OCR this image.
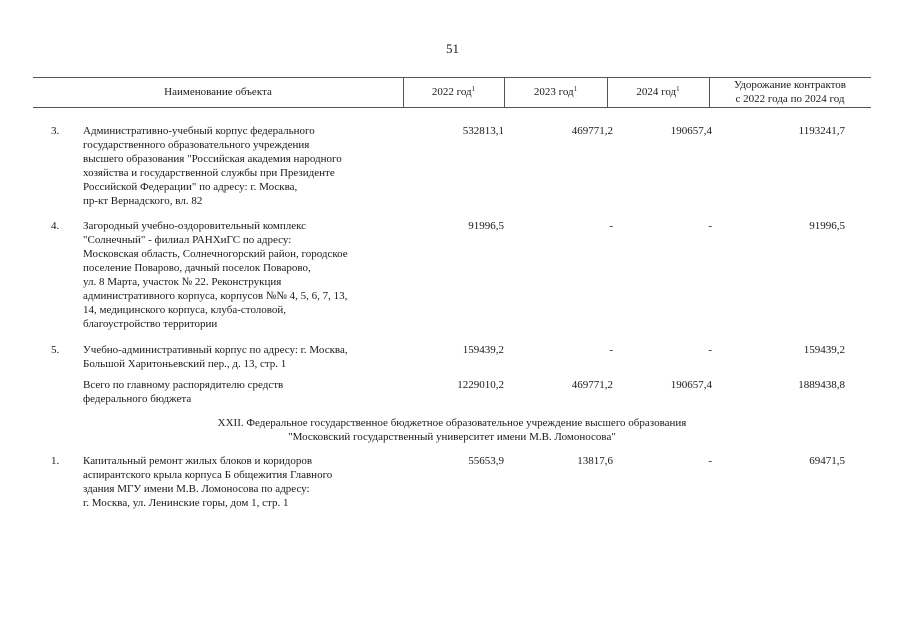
51
Наименование объекта	2022 год$^1$	2023 год$^1$	2024 год$^1$	Удорожание контрактов
с 2022 года по 2024 год
3. Административно-учебный корпус федерального
государственного образовательного учреждения
высшего образования "Российская академия народного
хозяйства и государственной службы при Президенте
Российской Федерации" по адресу: г. Москва,
пр-кт Вернадского, вл. 82
532813,1	469771,2	190657,4	1193241,7
4. Загородный учебно-оздоровительный комплекс
"Солнечный" - филиал РАНХиГС по адресу:
Московская область, Солнечногорский район, городское
поселение Поварово, дачный поселок Поварово,
ул. 8 Марта, участок № 22. Реконструкция
административного корпуса, корпусов №№ 4, 5, 6, 7, 13,
14, медицинского корпуса, клуба-столовой,
благоустройство территории
91996,5	-	-	91996,5
5. Учебно-административный корпус по адресу: г. Москва,
Большой Харитоньевский пер., д. 13, стр. 1
159439,2	-	-	159439,2
Всего по главному распорядителю средств
федерального бюджета
1229010,2	469771,2	190657,4	1889438,8
XXII. Федеральное государственное бюджетное образовательное учреждение высшего образования
"Московский государственный университет имени М.В. Ломоносова"
1. Капитальный ремонт жилых блоков и коридоров
аспирантского крыла корпуса Б общежития Главного
здания МГУ имени М.В. Ломоносова по адресу:
г. Москва, ул. Ленинские горы, дом 1, стр. 1
55653,9	13817,6	-	69471,5
